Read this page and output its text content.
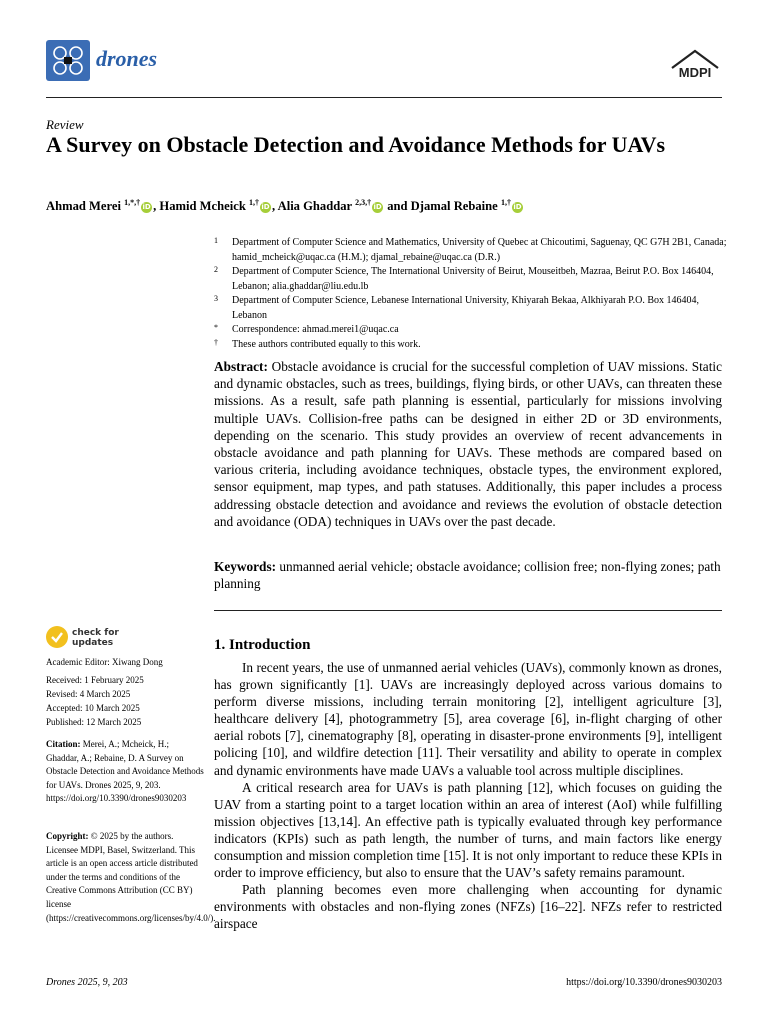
drones
MDPI
Review
A Survey on Obstacle Detection and Avoidance Methods for UAVs
Ahmad Merei $^{1,*,\dagger}$iD , Hamid Mcheick $^{1,\dagger}$iD , Alia Ghaddar $^{2,3,\dagger}$iD and Djamal Rebaine $^{1,\dagger}$iD
1 Department of Computer Science and Mathematics, University of Quebec at Chicoutimi, Saguenay, QC G7H 2B1, Canada; hamid_mcheick@uqac.ca (H.M.); djamal_rebaine@uqac.ca (D.R.)
2 Department of Computer Science, The International University of Beirut, Mouseitbeh, Mazraa, Beirut P.O. Box 146404, Lebanon; alia.ghaddar@liu.edu.lb
3 Department of Computer Science, Lebanese International University, Khiyarah Bekaa, Alkhiyarah P.O. Box 146404, Lebanon
* Correspondence: ahmad.merei1@uqac.ca
† These authors contributed equally to this work.
Abstract: Obstacle avoidance is crucial for the successful completion of UAV missions. Static and dynamic obstacles, such as trees, buildings, flying birds, or other UAVs, can threaten these missions. As a result, safe path planning is essential, particularly for missions involving multiple UAVs. Collision-free paths can be designed in either 2D or 3D environments, depending on the scenario. This study provides an overview of recent advancements in obstacle avoidance and path planning for UAVs. These methods are compared based on various criteria, including avoidance techniques, obstacle types, the environment explored, sensor equipment, map types, and path statuses. Additionally, this paper includes a process addressing obstacle detection and avoidance and reviews the evolution of obstacle detection and avoidance (ODA) techniques in UAVs over the past decade.
Keywords: unmanned aerial vehicle; obstacle avoidance; collision free; non-flying zones; path planning
check for updates
Academic Editor: Xiwang Dong
Received: 1 February 2025
Revised: 4 March 2025
Accepted: 10 March 2025
Published: 12 March 2025
Citation: Merei, A.; Mcheick, H.; Ghaddar, A.; Rebaine, D. A Survey on Obstacle Detection and Avoidance Methods for UAVs. Drones 2025, 9, 203. https://doi.org/10.3390/drones9030203
Copyright: © 2025 by the authors. Licensee MDPI, Basel, Switzerland. This article is an open access article distributed under the terms and conditions of the Creative Commons Attribution (CC BY) license (https://creativecommons.org/licenses/by/4.0/).
1. Introduction

In recent years, the use of unmanned aerial vehicles (UAVs), commonly known as drones, has grown significantly [1]. UAVs are increasingly deployed across various domains to perform diverse missions, including terrain monitoring [2], intelligent agriculture [3], healthcare delivery [4], photogrammetry [5], area coverage [6], in-flight charging of other aerial robots [7], cinematography [8], operating in disaster-prone environments [9], intelligent policing [10], and wildfire detection [11]. Their versatility and ability to operate in complex and dynamic environments have made UAVs a valuable tool across multiple disciplines.

A critical research area for UAVs is path planning [12], which focuses on guiding the UAV from a starting point to a target location within an area of interest (AoI) while fulfilling mission objectives [13,14]. An effective path is typically evaluated through key performance indicators (KPIs) such as path length, the number of turns, and main factors like energy consumption and mission completion time [15]. It is not only important to reduce these KPIs in order to improve efficiency, but also to ensure that the UAV’s safety remains paramount.

Path planning becomes even more challenging when accounting for dynamic environments with obstacles and non-flying zones (NFZs) [16–22]. NFZs refer to restricted airspace

Drones 2025, 9, 203	https://doi.org/10.3390/drones9030203
